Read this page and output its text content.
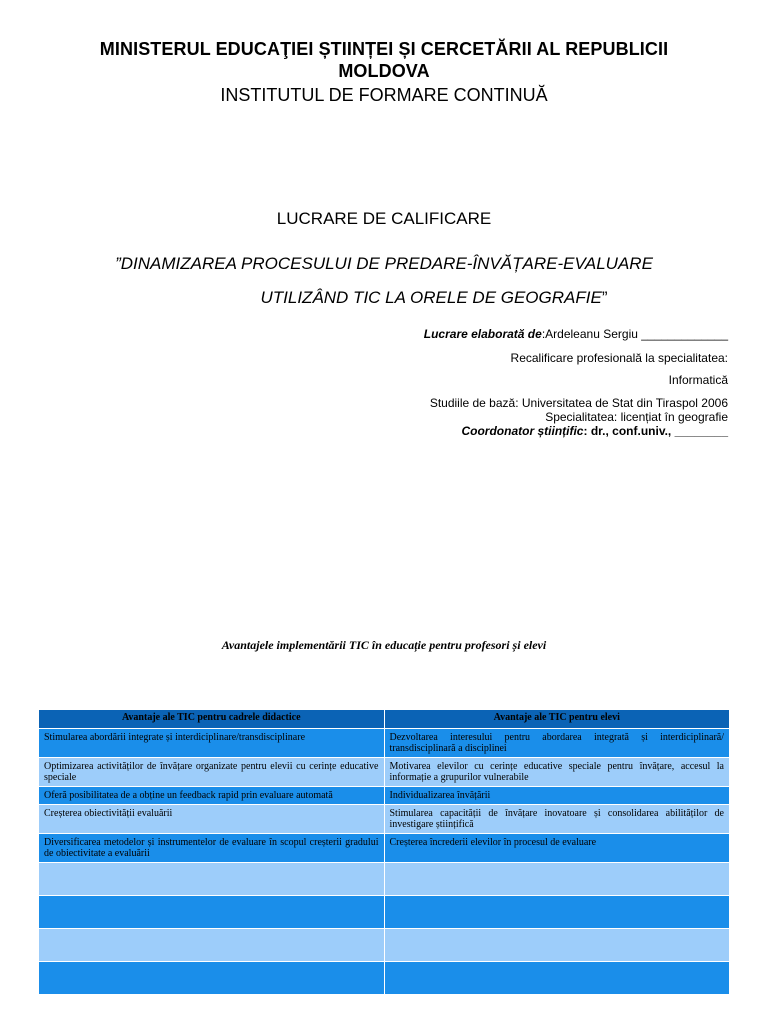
MINISTERUL EDUCAŢIEI ȘTIINȚEI ȘI CERCETĂRII AL REPUBLICII
MOLDOVA
INSTITUTUL DE FORMARE CONTINUĂ
LUCRARE DE CALIFICARE
”DINAMIZAREA PROCESULUI DE PREDARE-ÎNVĂȚARE-EVALUARE
UTILIZÂND TIC LA ORELE DE GEOGRAFIE”
Lucrare elaborată de:Ardeleanu Sergiu _____________
Recalificare profesională la specialitatea:
Informatică
Studiile de bază: Universitatea de Stat din Tiraspol 2006
Specialitatea: licențiat în geografie
Coordonator științific: dr., conf.univ., ________
Avantajele implementării TIC în educație pentru profesori și elevi
Avantaje ale TIC pentru cadrele didactice	Avantaje ale TIC pentru elevi
Stimularea abordării integrate și interdiciplinare/transdisciplinare	Dezvoltarea interesului pentru abordarea integrată și interdiciplinară/ transdisciplinară a disciplinei
Optimizarea activităților de învățare organizate pentru elevii cu cerințe educative speciale	Motivarea elevilor cu cerințe educative speciale pentru învățare, accesul la informație a grupurilor vulnerabile
Oferă posibilitatea de a obține un feedback rapid prin evaluare automată	Individualizarea învățării
Creșterea obiectivității evaluării	Stimularea capacității de învățare inovatoare și consolidarea abilităților de investigare științifică
Diversificarea metodelor și instrumentelor de evaluare în scopul creșterii gradului de obiectivitate a evaluării	Creșterea încrederii elevilor în procesul de evaluare
